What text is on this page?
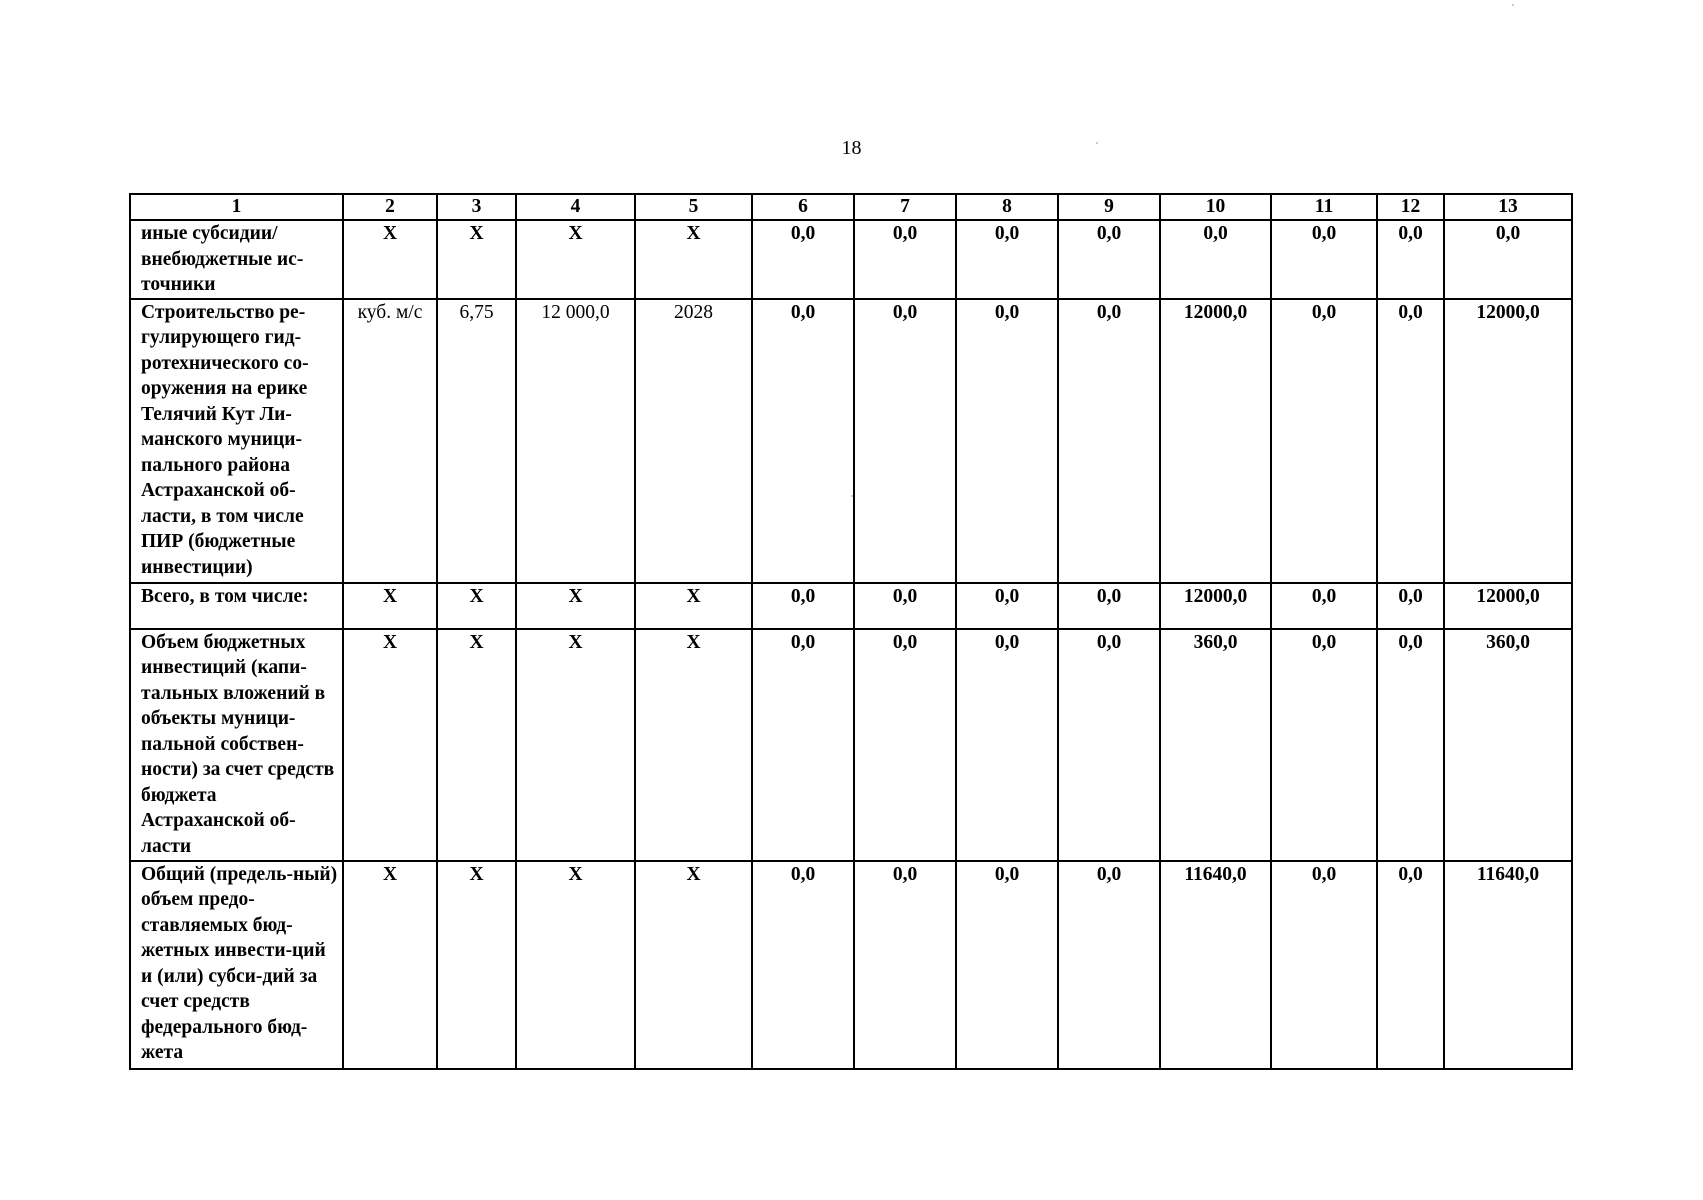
18
1	2	3	4	5	6	7	8	9	10	11	12	13
иные субсидии/ внебюджетные ис-точники	X	X	X	X	0,0	0,0	0,0	0,0	0,0	0,0	0,0	0,0
Строительство ре-гулирующего гид-ротехнического со-оружения на ерике Телячий Кут Ли-манского муници-пального района Астраханской об-ласти, в том числе ПИР (бюджетные инвестиции)	куб. м/с	6,75	12 000,0	2028	0,0	0,0	0,0	0,0	12000,0	0,0	0,0	12000,0
Всего, в том числе:	X	X	X	X	0,0	0,0	0,0	0,0	12000,0	0,0	0,0	12000,0
Объем бюджетных инвестиций (капи-тальных вложений в объекты муници-пальной собствен-ности) за счет средств бюджета Астраханской об-ласти	X	X	X	X	0,0	0,0	0,0	0,0	360,0	0,0	0,0	360,0
Общий (предель-ный) объем предо-ставляемых бюд-жетных инвести-ций и (или) субси-дий за счет средств федерального бюд-жета	X	X	X	X	0,0	0,0	0,0	0,0	11640,0	0,0	0,0	11640,0
